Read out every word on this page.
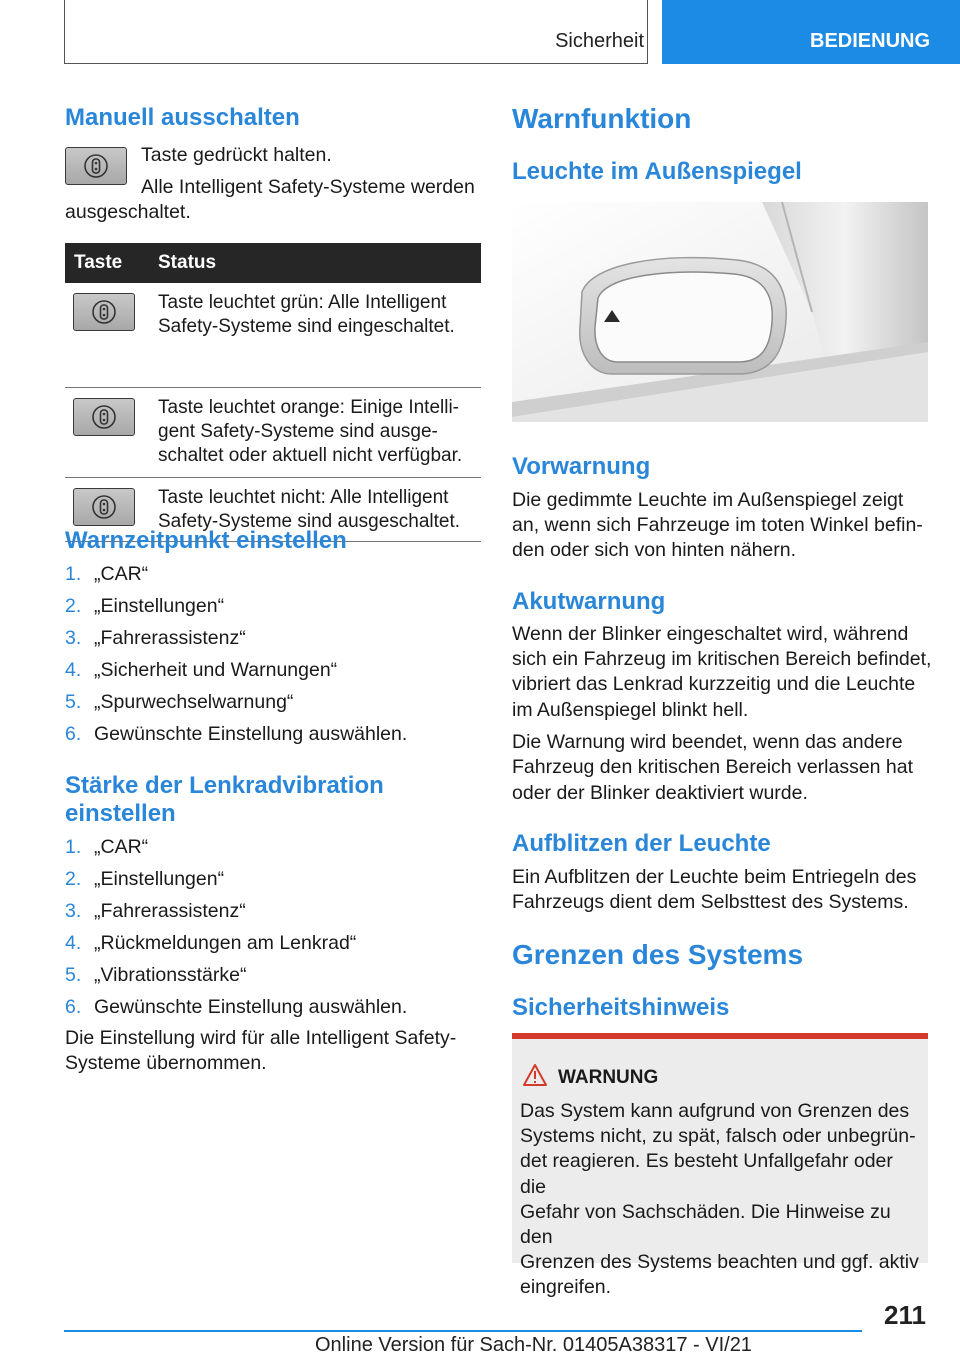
Sicherheit	BEDIENUNG
Manuell ausschalten

Taste gedrückt halten.

Alle Intelligent Safety-Systeme werden

ausgeschaltet.

Taste	Status

Taste leuchtet grün: Alle Intelligent
Safety-Systeme sind eingeschaltet.

Taste leuchtet orange: Einige Intelli-
gent Safety-Systeme sind ausge-
schaltet oder aktuell nicht verfügbar.

Taste leuchtet nicht: Alle Intelligent
Safety-Systeme sind ausgeschaltet.
Warnzeitpunkt einstellen
1. „CAR“
2. „Einstellungen“
3. „Fahrerassistenz“
4. „Sicherheit und Warnungen“
5. „Spurwechselwarnung“
6. Gewünschte Einstellung auswählen.
Stärke der Lenkradvibration
einstellen
1. „CAR“
2. „Einstellungen“
3. „Fahrerassistenz“
4. „Rückmeldungen am Lenkrad“
5. „Vibrationsstärke“
6. Gewünschte Einstellung auswählen.

Die Einstellung wird für alle Intelligent Safety-

Systeme übernommen.

Warnfunktion
Leuchte im Außenspiegel
Vorwarnung

Die gedimmte Leuchte im Außenspiegel zeigt

an, wenn sich Fahrzeuge im toten Winkel befin-

den oder sich von hinten nähern.

Akutwarnung

Wenn der Blinker eingeschaltet wird, während

sich ein Fahrzeug im kritischen Bereich befindet,

vibriert das Lenkrad kurzzeitig und die Leuchte

im Außenspiegel blinkt hell.

Die Warnung wird beendet, wenn das andere

Fahrzeug den kritischen Bereich verlassen hat

oder der Blinker deaktiviert wurde.

Aufblitzen der Leuchte

Ein Aufblitzen der Leuchte beim Entriegeln des

Fahrzeugs dient dem Selbsttest des Systems.

Grenzen des Systems
Sicherheitshinweis
WARNUNG
Das System kann aufgrund von Grenzen des
Systems nicht, zu spät, falsch oder unbegrün-
det reagieren. Es besteht Unfallgefahr oder die
Gefahr von Sachschäden. Die Hinweise zu den
Grenzen des Systems beachten und ggf. aktiv
eingreifen.
211
Online Version für Sach-Nr. 01405A38317 - VI/21
